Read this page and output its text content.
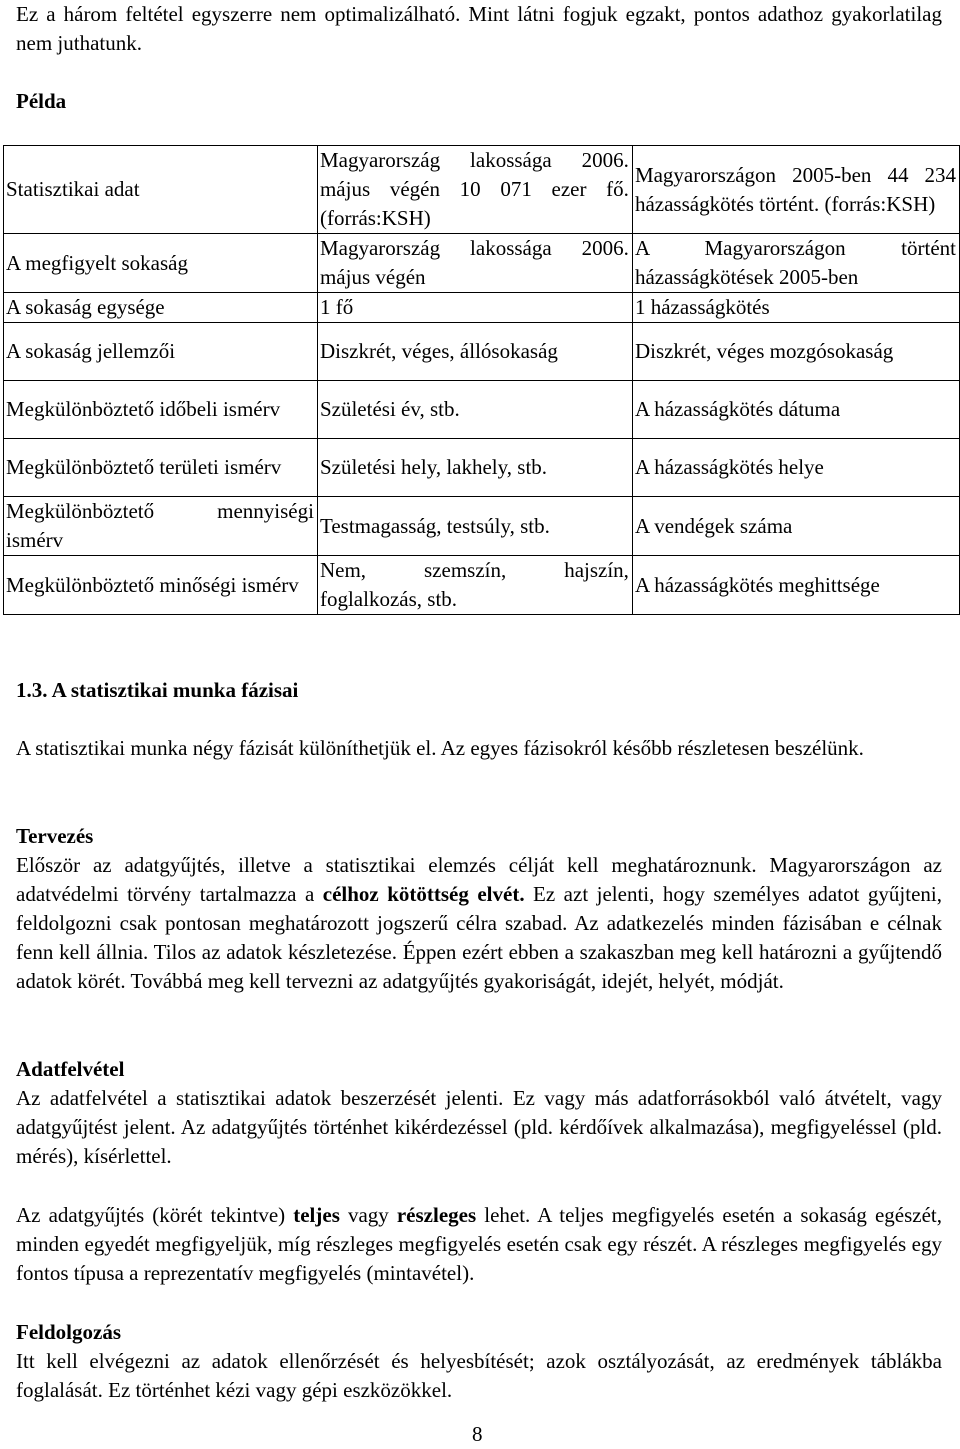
Ez a három feltétel egyszerre nem optimalizálható. Mint látni fogjuk egzakt, pontos adathoz gyakorlatilag nem juthatunk.

Példa
Statisztikai adat	Magyarország lakossága 2006. május végén 10 071 ezer fő. (forrás:KSH)	Magyarországon 2005-ben 44 234 házasságkötés történt. (forrás:KSH)
A megfigyelt sokaság	Magyarország lakossága 2006. május végén	A Magyarországon történt házasságkötések 2005-ben
A sokaság egysége	1 fő	1 házasságkötés
A sokaság jellemzői	Diszkrét, véges, állósokaság	Diszkrét, véges mozgósokaság
Megkülönböztető időbeli ismérv	Születési év, stb.	A házasságkötés dátuma
Megkülönböztető területi ismérv	Születési hely, lakhely, stb.	A házasságkötés helye
Megkülönböztető mennyiségi ismérv	Testmagasság, testsúly, stb.	A vendégek száma
Megkülönböztető minőségi ismérv	Nem, szemszín, hajszín, foglalkozás, stb.	A házasságkötés meghittsége
1.3. A statisztikai munka fázisai

A statisztikai munka négy fázisát különíthetjük el. Az egyes fázisokról később részletesen beszélünk.

Tervezés

Először az adatgyűjtés, illetve a statisztikai elemzés célját kell meghatároznunk. Magyarországon az adatvédelmi törvény tartalmazza a célhoz kötöttség elvét. Ez azt jelenti, hogy személyes adatot gyűjteni, feldolgozni csak pontosan meghatározott jogszerű célra szabad. Az adatkezelés minden fázisában e célnak fenn kell állnia. Tilos az adatok készletezése. Éppen ezért ebben a szakaszban meg kell határozni a gyűjtendő adatok körét. Továbbá meg kell tervezni az adatgyűjtés gyakoriságát, idejét, helyét, módját.

Adatfelvétel

Az adatfelvétel a statisztikai adatok beszerzését jelenti. Ez vagy más adatforrásokból való átvételt, vagy adatgyűjtést jelent. Az adatgyűjtés történhet kikérdezéssel (pld. kérdőívek alkalmazása), megfigyeléssel (pld. mérés), kísérlettel.

Az adatgyűjtés (körét tekintve) teljes vagy részleges lehet. A teljes megfigyelés esetén a sokaság egészét, minden egyedét megfigyeljük, míg részleges megfigyelés esetén csak egy részét. A részleges megfigyelés egy fontos típusa a reprezentatív megfigyelés (mintavétel).

Feldolgozás

Itt kell elvégezni az adatok ellenőrzését és helyesbítését; azok osztályozását, az eredmények táblákba foglalását. Ez történhet kézi vagy gépi eszközökkel.

8
